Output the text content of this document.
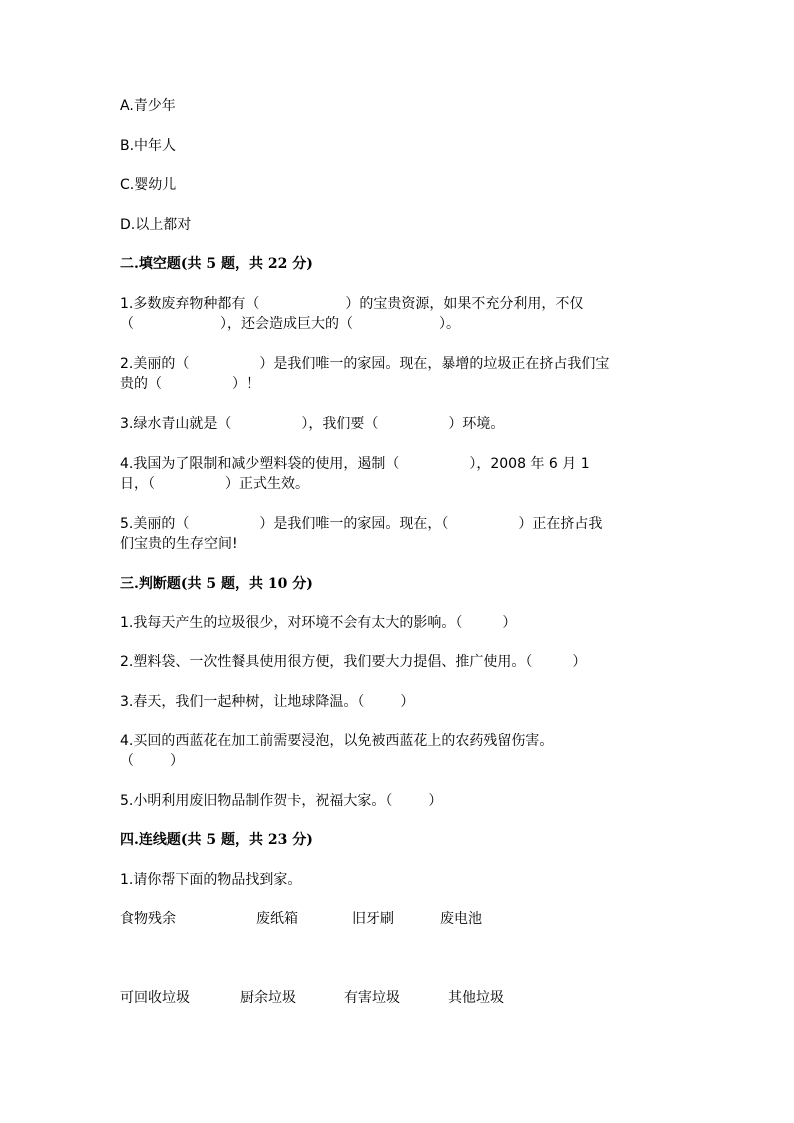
A.青少年
B.中年人
C.婴幼儿
D.以上都对
二.填空题(共 5 题，共 22 分)
1.多数废弃物种都有（	）的宝贵资源，如果不充分利用，不仅
（	），还会造成巨大的（	）。
2.美丽的（	）是我们唯一的家园。现在，暴增的垃圾正在挤占我们宝
贵的（	）！
3.绿水青山就是（	），我们要（	）环境。
4.我国为了限制和减少塑料袋的使用，遏制（	），2008 年 6 月 1
日，（	）正式生效。
5.美丽的（	）是我们唯一的家园。现在，（	）正在挤占我
们宝贵的生存空间!
三.判断题(共 5 题，共 10 分)
1.我每天产生的垃圾很少，对环境不会有太大的影响。（	）
2.塑料袋、一次性餐具使用很方便，我们要大力提倡、推广使用。（	）
3.春天，我们一起种树，让地球降温。（	）
4.买回的西蓝花在加工前需要浸泡，以免被西蓝花上的农药残留伤害。
（	）
5.小明利用废旧物品制作贺卡，祝福大家。（	）
四.连线题(共 5 题，共 23 分)
1.请你帮下面的物品找到家。
食物残余	废纸箱	旧牙刷	废电池
可回收垃圾	厨余垃圾	有害垃圾	其他垃圾
